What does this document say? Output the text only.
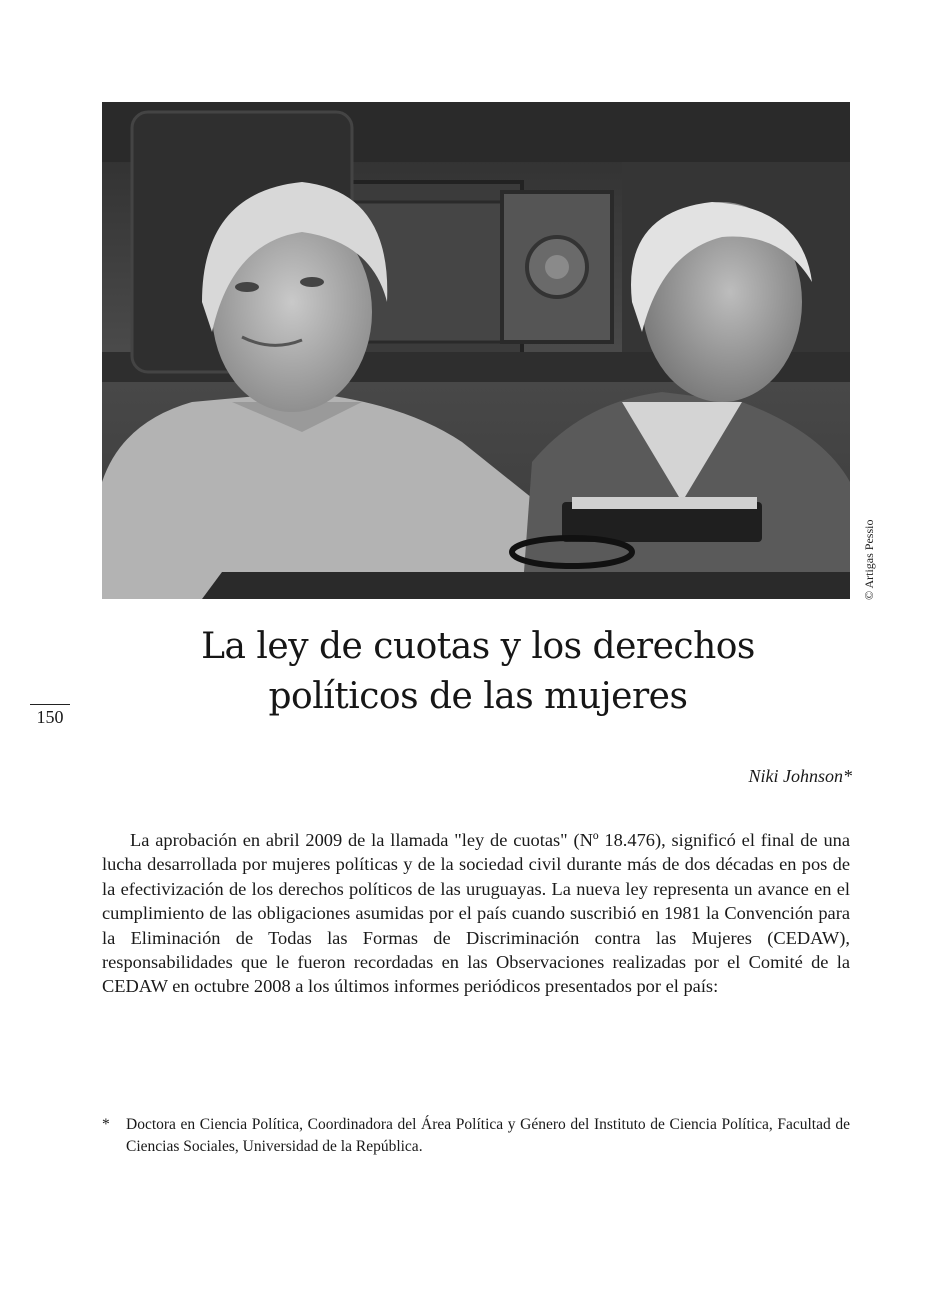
© Artigas Pessio
150
La ley de cuotas y los derechos
políticos de las mujeres
Niki Johnson*

La aprobación en abril 2009 de la llamada "ley de cuotas" (Nº 18.476), significó el final de una lucha desarrollada por mujeres políticas y de la sociedad civil durante más de dos décadas en pos de la efectivización de los derechos políticos de las uruguayas. La nueva ley representa un avance en el cumplimiento de las obligaciones asumidas por el país cuando suscribió en 1981 la Convención para la Eliminación de Todas las Formas de Discriminación contra las Mujeres (CEDAW), responsabilidades que le fueron recordadas en las Observaciones realizadas por el Comité de la CEDAW en octubre 2008 a los últimos informes periódicos presentados por el país:

* Doctora en Ciencia Política, Coordinadora del Área Política y Género del Instituto de Ciencia Política, Facultad de Ciencias Sociales, Universidad de la República.
